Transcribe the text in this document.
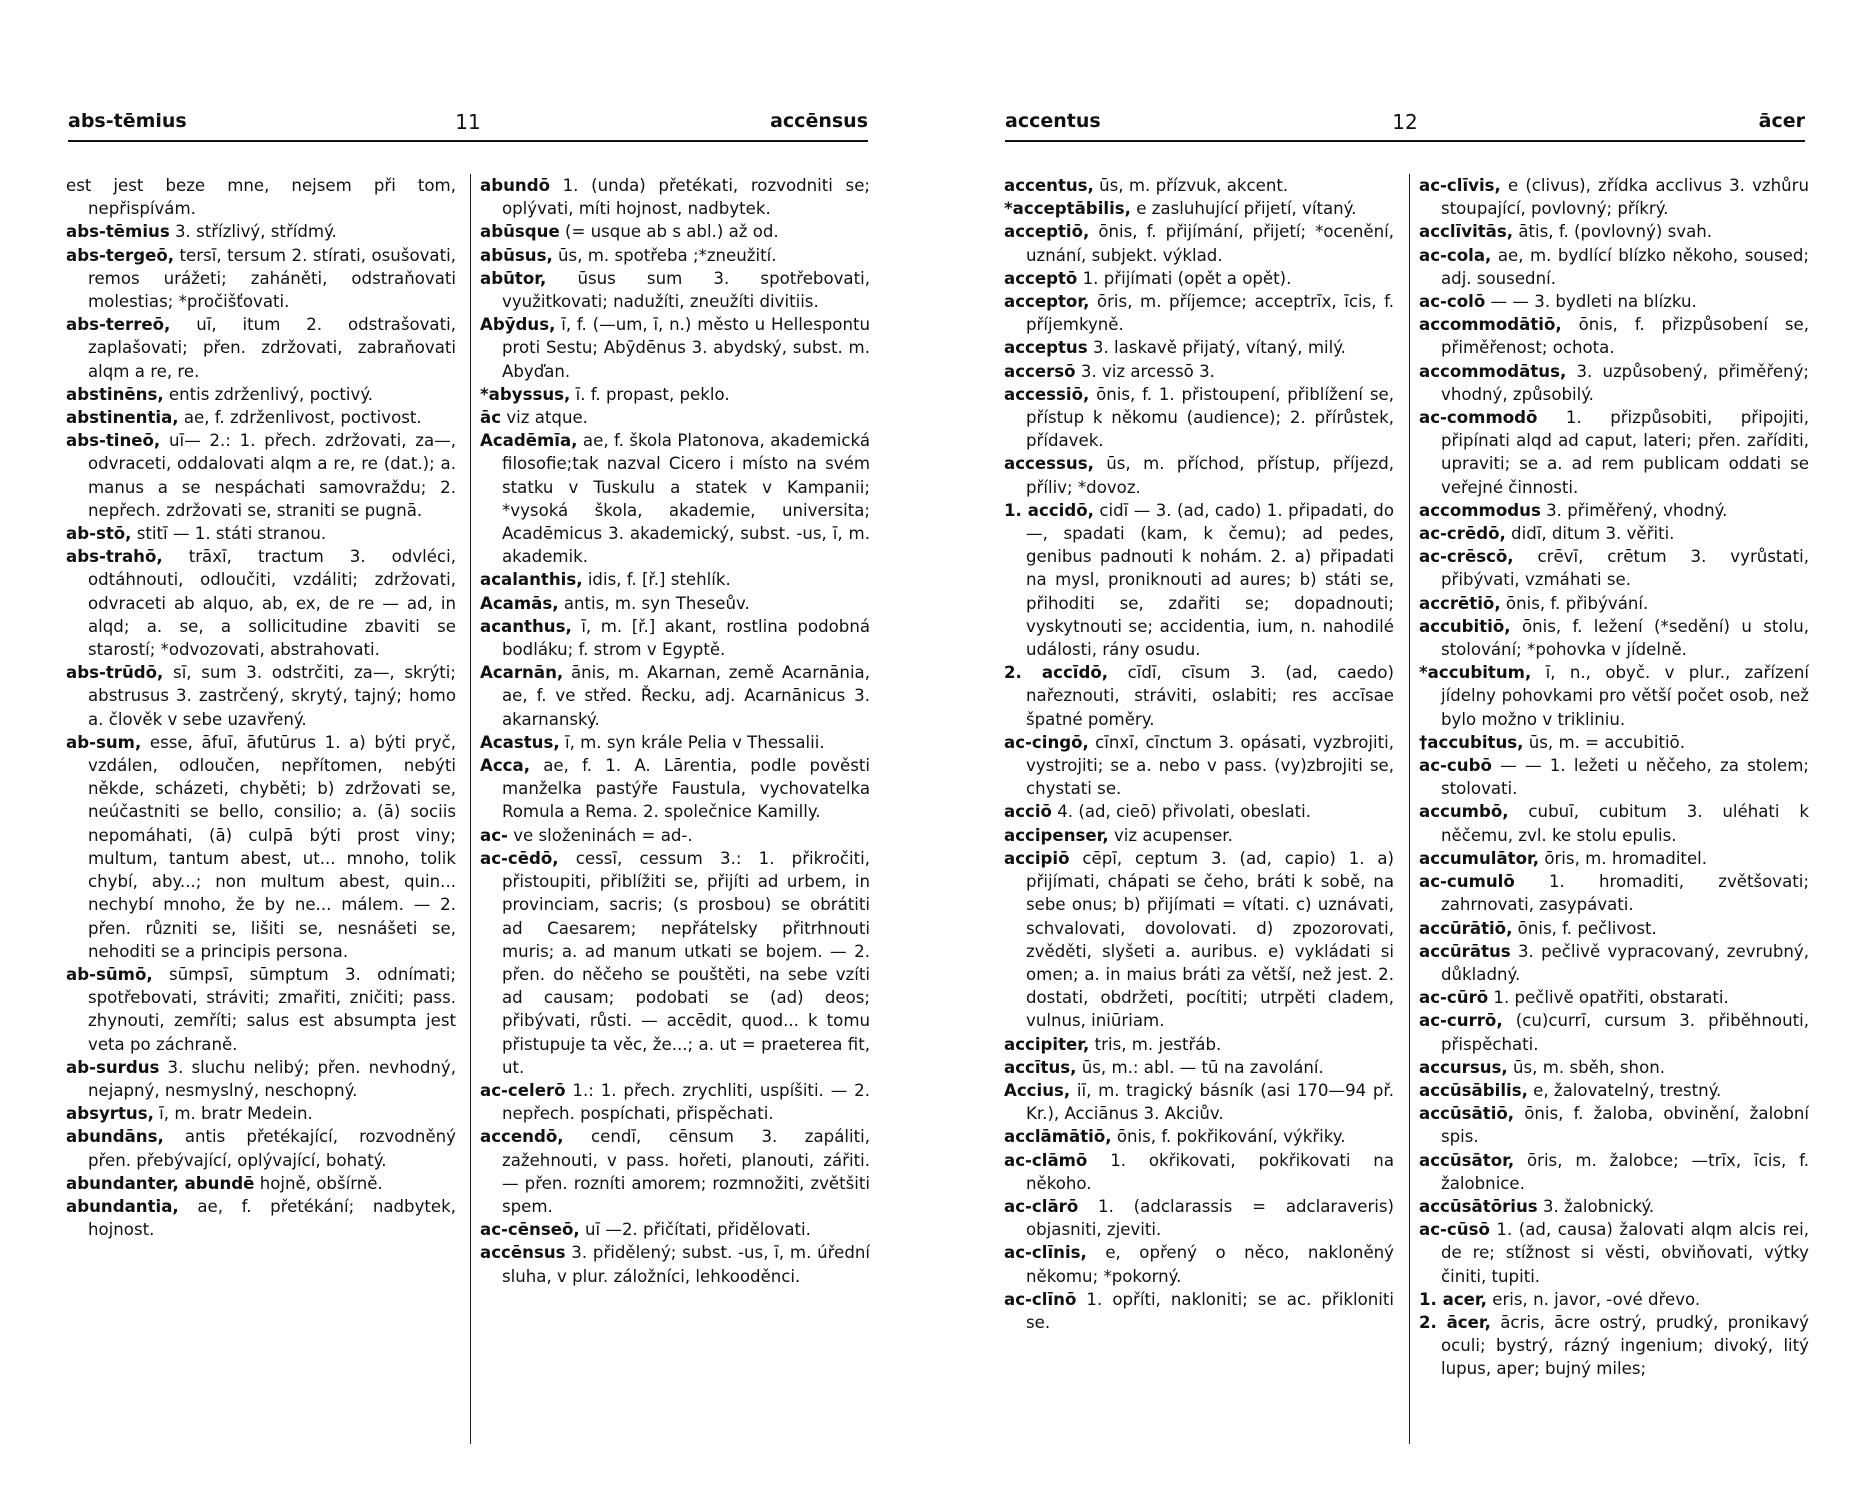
abs-tēmius	11	accēnsus

est jest beze mne, nejsem při tom, nepřispívám.

abs-tēmius 3. střízlivý, střídmý.

abs-tergeō, tersī, tersum 2. stírati, osušovati, remos urážeti; zaháněti, odstraňovati molestias; *pročišťovati.

abs-terreō, uī, itum 2. odstrašovati, zaplašovati; přen. zdržovati, zabraňovati alqm a re, re.

abstinēns, entis zdrženlivý, poctivý.

abstinentia, ae, f. zdrženlivost, poctivost.

abs-tineō, uī— 2.: 1. přech. zdržovati, za—, odvraceti, oddalovati alqm a re, re (dat.); a. manus a se nespáchati samovraždu; 2. nepřech. zdržovati se, straniti se pugnā.

ab-stō, stitī — 1. státi stranou.

abs-trahō, trāxī, tractum 3. odvléci, odtáhnouti, odloučiti, vzdáliti; zdržovati, odvraceti ab alquo, ab, ex, de re — ad, in alqd; a. se, a sollicitudine zbaviti se starostí; *odvozovati, abstrahovati.

abs-trūdō, sī, sum 3. odstrčiti, za—, skrýti; abstrusus 3. zastrčený, skrytý, tajný; homo a. člověk v sebe uzavřený.

ab-sum, esse, āfuī, āfutūrus 1. a) býti pryč, vzdálen, odloučen, nepřítomen, nebýti někde, scházeti, chyběti; b) zdržovati se, neúčastniti se bello, consilio; a. (ā) sociis nepomáhati, (ā) culpā býti prost viny; multum, tantum abest, ut... mnoho, tolik chybí, aby...; non multum abest, quin... nechybí mnoho, že by ne... málem. — 2. přen. různiti se, lišiti se, nesnášeti se, nehoditi se a principis persona.

ab-sūmō, sūmpsī, sūmptum 3. odnímati; spotřebovati, stráviti; zmařiti, zničiti; pass. zhynouti, zemříti; salus est absumpta jest veta po záchraně.

ab-surdus 3. sluchu nelibý; přen. nevhodný, nejapný, nesmyslný, neschopný.

absyrtus, ī, m. bratr Medein.

abundāns, antis přetékající, rozvodněný přen. přebývající, oplývající, bohatý.

abundanter, abundē hojně, obšírně.

abundantia, ae, f. přetékání; nadbytek, hojnost.

abundō 1. (unda) přetékati, rozvodniti se; oplývati, míti hojnost, nadbytek.

abūsque (= usque ab s abl.) až od.

abūsus, ūs, m. spotřeba ;*zneužití.

abūtor, ūsus sum 3. spotřebovati, využitkovati; nadužíti, zneužíti divitiis.

Abӯdus, ī, f. (—um, ī, n.) město u Hellespontu proti Sestu; Abӯdēnus 3. abydský, subst. m. Abyďan.

*abyssus, ī. f. propast, peklo.

āc viz atque.

Acadēmīa, ae, f. škola Platonova, akademická filosofie;tak nazval Cicero i místo na svém statku v Tuskulu a statek v Kampanii; *vysoká škola, akademie, universita; Acadēmicus 3. akademický, subst. -us, ī, m. akademik.

acalanthis, idis, f. [ř.] stehlík.

Acamās, antis, m. syn Theseův.

acanthus, ī, m. [ř.] akant, rostlina podobná bodláku; f. strom v Egyptě.

Acarnān, ānis, m. Akarnan, země Acarnānia, ae, f. ve střed. Řecku, adj. Acarnānicus 3. akarnanský.

Acastus, ī, m. syn krále Pelia v Thessalii.

Acca, ae, f. 1. A. Lārentia, podle pověsti manželka pastýře Faustula, vychovatelka Romula a Rema. 2. společnice Kamilly.

ac- ve složeninách = ad-.

ac-cēdō, cessī, cessum 3.: 1. přikročiti, přistoupiti, přiblížiti se, přijíti ad urbem, in provinciam, sacris; (s prosbou) se obrátiti ad Caesarem; nepřátelsky přitrhnouti muris; a. ad manum utkati se bojem. — 2. přen. do něčeho se pouštěti, na sebe vzíti ad causam; podobati se (ad) deos; přibývati, růsti. — accēdit, quod... k tomu přistupuje ta věc, že...; a. ut = praeterea fit, ut.

ac-celerō 1.: 1. přech. zrychliti, uspíšiti. — 2. nepřech. pospíchati, přispěchati.

accendō, cendī, cēnsum 3. zapáliti, zažehnouti, v pass. hořeti, planouti, zářiti. — přen. rozníti amorem; rozmnožiti, zvětšiti spem.

ac-cēnseō, uī —2. přičítati, přidělovati.

accēnsus 3. přidělený; subst. -us, ī, m. úřední sluha, v plur. záložníci, lehkooděnci.

accentus	12	ācer

accentus, ūs, m. přízvuk, akcent.

*acceptābilis, e zasluhující přijetí, vítaný.

acceptiō, ōnis, f. přijímání, přijetí; *ocenění, uznání, subjekt. výklad.

acceptō 1. přijímati (opět a opět).

acceptor, ōris, m. příjemce; acceptrīx, īcis, f. příjemkyně.

acceptus 3. laskavě přijatý, vítaný, milý.

accersō 3. viz arcessō 3.

accessiō, ōnis, f. 1. přistoupení, přiblížení se, přístup k někomu (audience); 2. přírůstek, přídavek.

accessus, ūs, m. příchod, přístup, příjezd, příliv; *dovoz.

1. accidō, cidī — 3. (ad, cado) 1. připadati, do—, spadati (kam, k čemu); ad pedes, genibus padnouti k nohám. 2. a) připadati na mysl, proniknouti ad aures; b) státi se, přihoditi se, zdařiti se; dopadnouti; vyskytnouti se; accidentia, ium, n. nahodilé události, rány osudu.

2. accīdō, cīdī, cīsum 3. (ad, caedo) nařeznouti, stráviti, oslabiti; res accīsae špatné poměry.

ac-cingō, cīnxī, cīnctum 3. opásati, vyzbrojiti, vystrojiti; se a. nebo v pass. (vy)zbrojiti se, chystati se.

acciō 4. (ad, cieō) přivolati, obeslati.

accipenser, viz acupenser.

accipiō cēpī, ceptum 3. (ad, capio) 1. a) přijímati, chápati se čeho, bráti k sobě, na sebe onus; b) přijímati = vítati. c) uznávati, schvalovati, dovolovati. d) zpozorovati, zvěděti, slyšeti a. auribus. e) vykládati si omen; a. in maius bráti za větší, než jest. 2. dostati, obdržeti, pocítiti; utrpěti cladem, vulnus, iniūriam.

accipiter, tris, m. jestřáb.

accītus, ūs, m.: abl. — tū na zavolání.

Accius, iī, m. tragický básník (asi 170—94 př. Kr.), Acciānus 3. Akciův.

acclāmātiō, ōnis, f. pokřikování, výkřiky.

ac-clāmō 1. okřikovati, pokřikovati na někoho.

ac-clārō 1. (adclarassis = adclaraveris) objasniti, zjeviti.

ac-clīnis, e, opřený o něco, nakloněný někomu; *pokorný.

ac-clīnō 1. opříti, nakloniti; se ac. přikloniti se.

ac-clīvis, e (clivus), zřídka acclivus 3. vzhůru stoupající, povlovný; příkrý.

acclīvitās, ātis, f. (povlovný) svah.

ac-cola, ae, m. bydlící blízko někoho, soused; adj. sousední.

ac-colō — — 3. bydleti na blízku.

accommodātiō, ōnis, f. přizpůsobení se, přiměřenost; ochota.

accommodātus, 3. uzpůsobený, přiměřený; vhodný, způsobilý.

ac-commodō 1. přizpůsobiti, připojiti, připínati alqd ad caput, lateri; přen. zaříditi, upraviti; se a. ad rem publicam oddati se veřejné činnosti.

accommodus 3. přiměřený, vhodný.

ac-crēdō, didī, ditum 3. věřiti.

ac-crēscō, crēvī, crētum 3. vyrůstati, přibývati, vzmáhati se.

accrētiō, ōnis, f. přibývání.

accubitiō, ōnis, f. ležení (*sedění) u stolu, stolování; *pohovka v jídelně.

*accubitum, ī, n., obyč. v plur., zařízení jídelny pohovkami pro větší počet osob, než bylo možno v trikliniu.

†accubitus, ūs, m. = accubitiō.

ac-cubō — — 1. ležeti u něčeho, za stolem; stolovati.

accumbō, cubuī, cubitum 3. uléhati k něčemu, zvl. ke stolu epulis.

accumulātor, ōris, m. hromaditel.

ac-cumulō 1. hromaditi, zvětšovati; zahrnovati, zasypávati.

accūrātiō, ōnis, f. pečlivost.

accūrātus 3. pečlivě vypracovaný, zevrubný, důkladný.

ac-cūrō 1. pečlivě opatřiti, obstarati.

ac-currō, (cu)currī, cursum 3. přiběhnouti, přispěchati.

accursus, ūs, m. sběh, shon.

accūsābilis, e, žalovatelný, trestný.

accūsātiō, ōnis, f. žaloba, obvinění, žalobní spis.

accūsātor, ōris, m. žalobce; —trīx, īcis, f. žalobnice.

accūsātōrius 3. žalobnický.

ac-cūsō 1. (ad, causa) žalovati alqm alcis rei, de re; stížnost si věsti, obviňovati, výtky činiti, tupiti.

1. acer, eris, n. javor, -ové dřevo.

2. ācer, ācris, ācre ostrý, prudký, pronikavý oculi; bystrý, rázný ingenium; divoký, litý lupus, aper; bujný miles;
